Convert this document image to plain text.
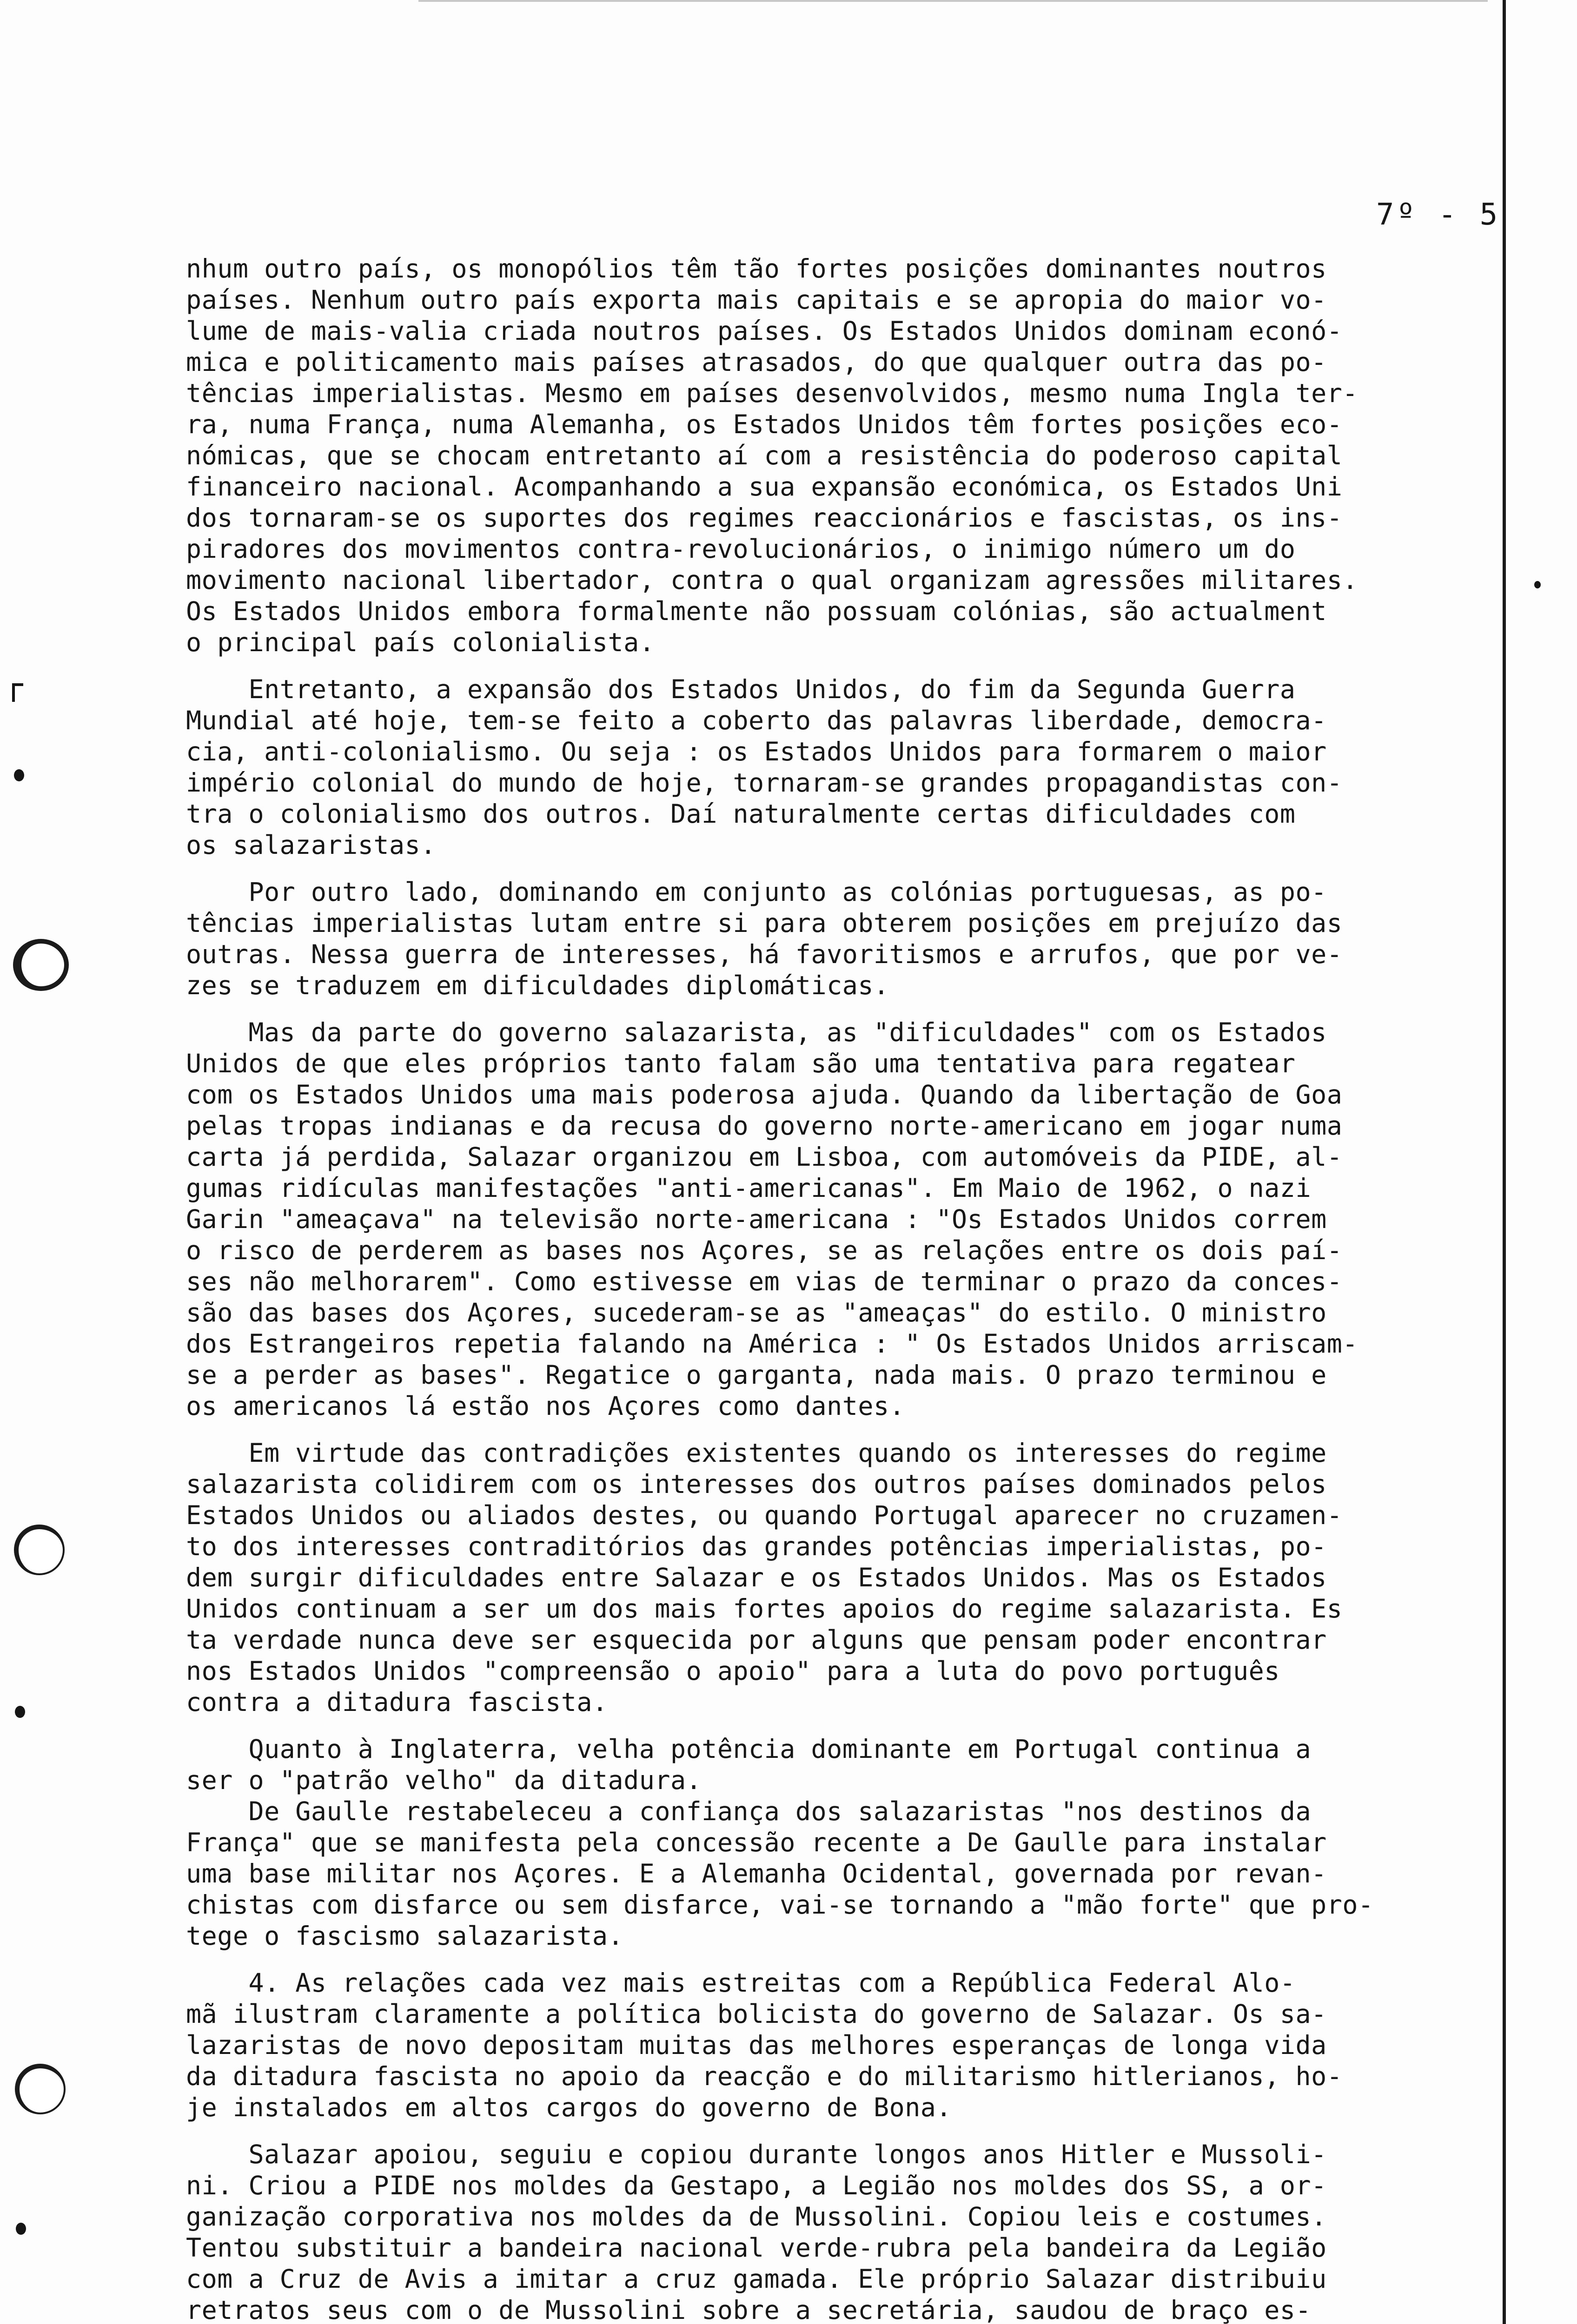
7º - 5
nhum outro país, os monopólios têm tão fortes posições dominantes noutros
países. Nenhum outro país exporta mais capitais e se apropia do maior vo-
lume de mais-valia criada noutros países. Os Estados Unidos dominam econó-
mica e politicamento mais países atrasados, do que qualquer outra das po-
tências imperialistas. Mesmo em países desenvolvidos, mesmo numa Ingla ter-
ra, numa França, numa Alemanha, os Estados Unidos têm fortes posições eco-
nómicas, que se chocam entretanto aí com a resistência do poderoso capital
financeiro nacional. Acompanhando a sua expansão económica, os Estados Uni
dos tornaram-se os suportes dos regimes reaccionários e fascistas, os ins-
piradores dos movimentos contra-revolucionários, o inimigo número um do
movimento nacional libertador, contra o qual organizam agressões militares.
Os Estados Unidos embora formalmente não possuam colónias, são actualment
o principal país colonialista.
Entretanto, a expansão dos Estados Unidos, do fim da Segunda Guerra
Mundial até hoje, tem-se feito a coberto das palavras liberdade, democra-
cia, anti-colonialismo. Ou seja : os Estados Unidos para formarem o maior
império colonial do mundo de hoje, tornaram-se grandes propagandistas con-
tra o colonialismo dos outros. Daí naturalmente certas dificuldades com
os salazaristas.
Por outro lado, dominando em conjunto as colónias portuguesas, as po-
tências imperialistas lutam entre si para obterem posições em prejuízo das
outras. Nessa guerra de interesses, há favoritismos e arrufos, que por ve-
zes se traduzem em dificuldades diplomáticas.
Mas da parte do governo salazarista, as "dificuldades" com os Estados
Unidos de que eles próprios tanto falam são uma tentativa para regatear
com os Estados Unidos uma mais poderosa ajuda. Quando da libertação de Goa
pelas tropas indianas e da recusa do governo norte-americano em jogar numa
carta já perdida, Salazar organizou em Lisboa, com automóveis da PIDE, al-
gumas ridículas manifestações "anti-americanas". Em Maio de 1962, o nazi
Garin "ameaçava" na televisão norte-americana : "Os Estados Unidos correm
o risco de perderem as bases nos Açores, se as relações entre os dois paí-
ses não melhorarem". Como estivesse em vias de terminar o prazo da conces-
são das bases dos Açores, sucederam-se as "ameaças" do estilo. O ministro
dos Estrangeiros repetia falando na América : " Os Estados Unidos arriscam-
se a perder as bases". Regatice o garganta, nada mais. O prazo terminou e
os americanos lá estão nos Açores como dantes.
Em virtude das contradições existentes quando os interesses do regime
salazarista colidirem com os interesses dos outros países dominados pelos
Estados Unidos ou aliados destes, ou quando Portugal aparecer no cruzamen-
to dos interesses contraditórios das grandes potências imperialistas, po-
dem surgir dificuldades entre Salazar e os Estados Unidos. Mas os Estados
Unidos continuam a ser um dos mais fortes apoios do regime salazarista. Es
ta verdade nunca deve ser esquecida por alguns que pensam poder encontrar
nos Estados Unidos "compreensão o apoio" para a luta do povo português
contra a ditadura fascista.
Quanto à Inglaterra, velha potência dominante em Portugal continua a
ser o "patrão velho" da ditadura.
De Gaulle restabeleceu a confiança dos salazaristas "nos destinos da
França" que se manifesta pela concessão recente a De Gaulle para instalar
uma base militar nos Açores. E a Alemanha Ocidental, governada por revan-
chistas com disfarce ou sem disfarce, vai-se tornando a "mão forte" que pro-
tege o fascismo salazarista.
4. As relações cada vez mais estreitas com a República Federal Alo-
mã ilustram claramente a política bolicista do governo de Salazar. Os sa-
lazaristas de novo depositam muitas das melhores esperanças de longa vida
da ditadura fascista no apoio da reacção e do militarismo hitlerianos, ho-
je instalados em altos cargos do governo de Bona.
Salazar apoiou, seguiu e copiou durante longos anos Hitler e Mussoli-
ni. Criou a PIDE nos moldes da Gestapo, a Legião nos moldes dos SS, a or-
ganização corporativa nos moldes da de Mussolini. Copiou leis e costumes.
Tentou substituir a bandeira nacional verde-rubra pela bandeira da Legião
com a Cruz de Avis a imitar a cruz gamada. Ele próprio Salazar distribuiu
retratos seus com o de Mussolini sobre a secretária, saudou de braço es-
